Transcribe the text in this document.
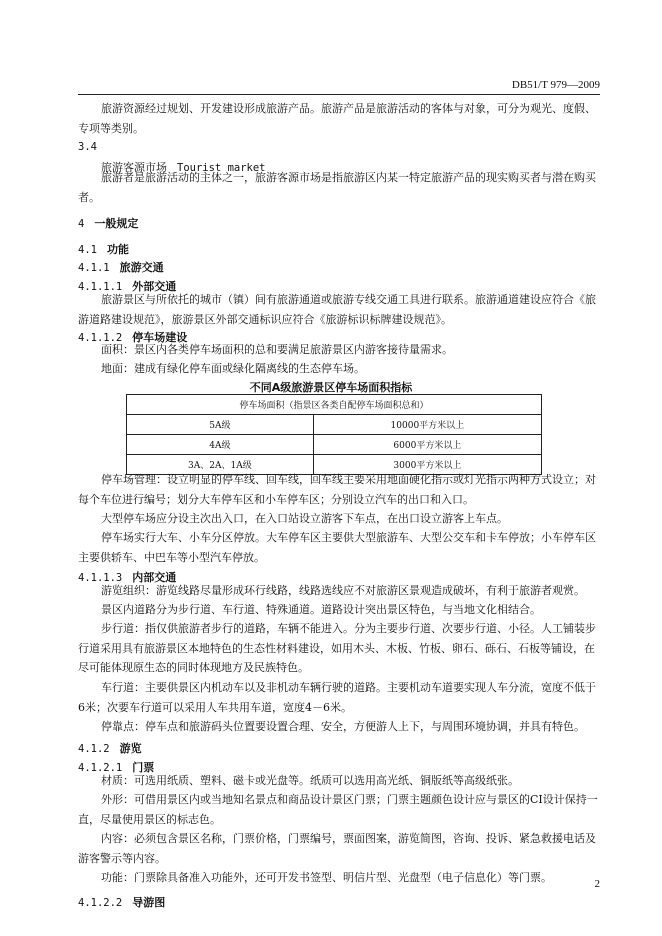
DB51/T 979—2009
旅游资源经过规划、开发建设形成旅游产品。旅游产品是旅游活动的客体与对象，可分为观光、度假、专项等类别。
3.4
旅游客源市场 Tourist market
旅游者是旅游活动的主体之一，旅游客源市场是指旅游区内某一特定旅游产品的现实购买者与潜在购买者。
4 一般规定
4.1 功能
4.1.1 旅游交通
4.1.1.1 外部交通
旅游景区与所依托的城市（镇）间有旅游通道或旅游专线交通工具进行联系。旅游通道建设应符合《旅游道路建设规范》，旅游景区外部交通标识应符合《旅游标识标牌建设规范》。
4.1.1.2 停车场建设
面积：景区内各类停车场面积的总和要满足旅游景区内游客接待量需求。
地面：建成有绿化停车面或绿化隔离线的生态停车场。
不同A级旅游景区停车场面积指标
停车场面积（指景区各类自配停车场面积总和）	
5A级	10000平方米以上
4A级	6000平方米以上
3A、2A、1A级	3000平方米以上
停车场管理：设立明显的停车线、回车线，回车线主要采用地面硬化指示或灯光指示两种方式设立；对每个车位进行编号；划分大车停车区和小车停车区；分别设立汽车的出口和入口。
大型停车场应分设主次出入口，在入口站设立游客下车点，在出口设立游客上车点。
停车场实行大车、小车分区停放。大车停车区主要供大型旅游车、大型公交车和卡车停放；小车停车区主要供轿车、中巴车等小型汽车停放。
4.1.1.3 内部交通
游览组织：游览线路尽量形成环行线路，线路选线应不对旅游区景观造成破坏，有利于旅游者观赏。
景区内道路分为步行道、车行道、特殊通道。道路设计突出景区特色，与当地文化相结合。
步行道：指仅供旅游者步行的道路，车辆不能进入。分为主要步行道、次要步行道、小径。人工铺装步行道采用具有旅游景区本地特色的生态性材料建设，如用木头、木板、竹板、卵石、砾石、石板等铺设，在尽可能体现原生态的同时体现地方及民族特色。
车行道：主要供景区内机动车以及非机动车辆行驶的道路。主要机动车道要实现人车分流，宽度不低于6米；次要车行道可以采用人车共用车道，宽度4－6米。
停靠点：停车点和旅游码头位置要设置合理、安全，方便游人上下，与周围环境协调，并具有特色。
4.1.2 游览
4.1.2.1 门票
材质：可选用纸质、塑料、磁卡或光盘等。纸质可以选用高光纸、铜版纸等高级纸张。
外形：可借用景区内或当地知名景点和商品设计景区门票；门票主题颜色设计应与景区的CI设计保持一直，尽量使用景区的标志色。
内容：必须包含景区名称，门票价格，门票编号，票面图案，游览简图，咨询、投诉、紧急救援电话及游客警示等内容。
功能：门票除具备准入功能外，还可开发书签型、明信片型、光盘型（电子信息化）等门票。
4.1.2.2 导游图
2
